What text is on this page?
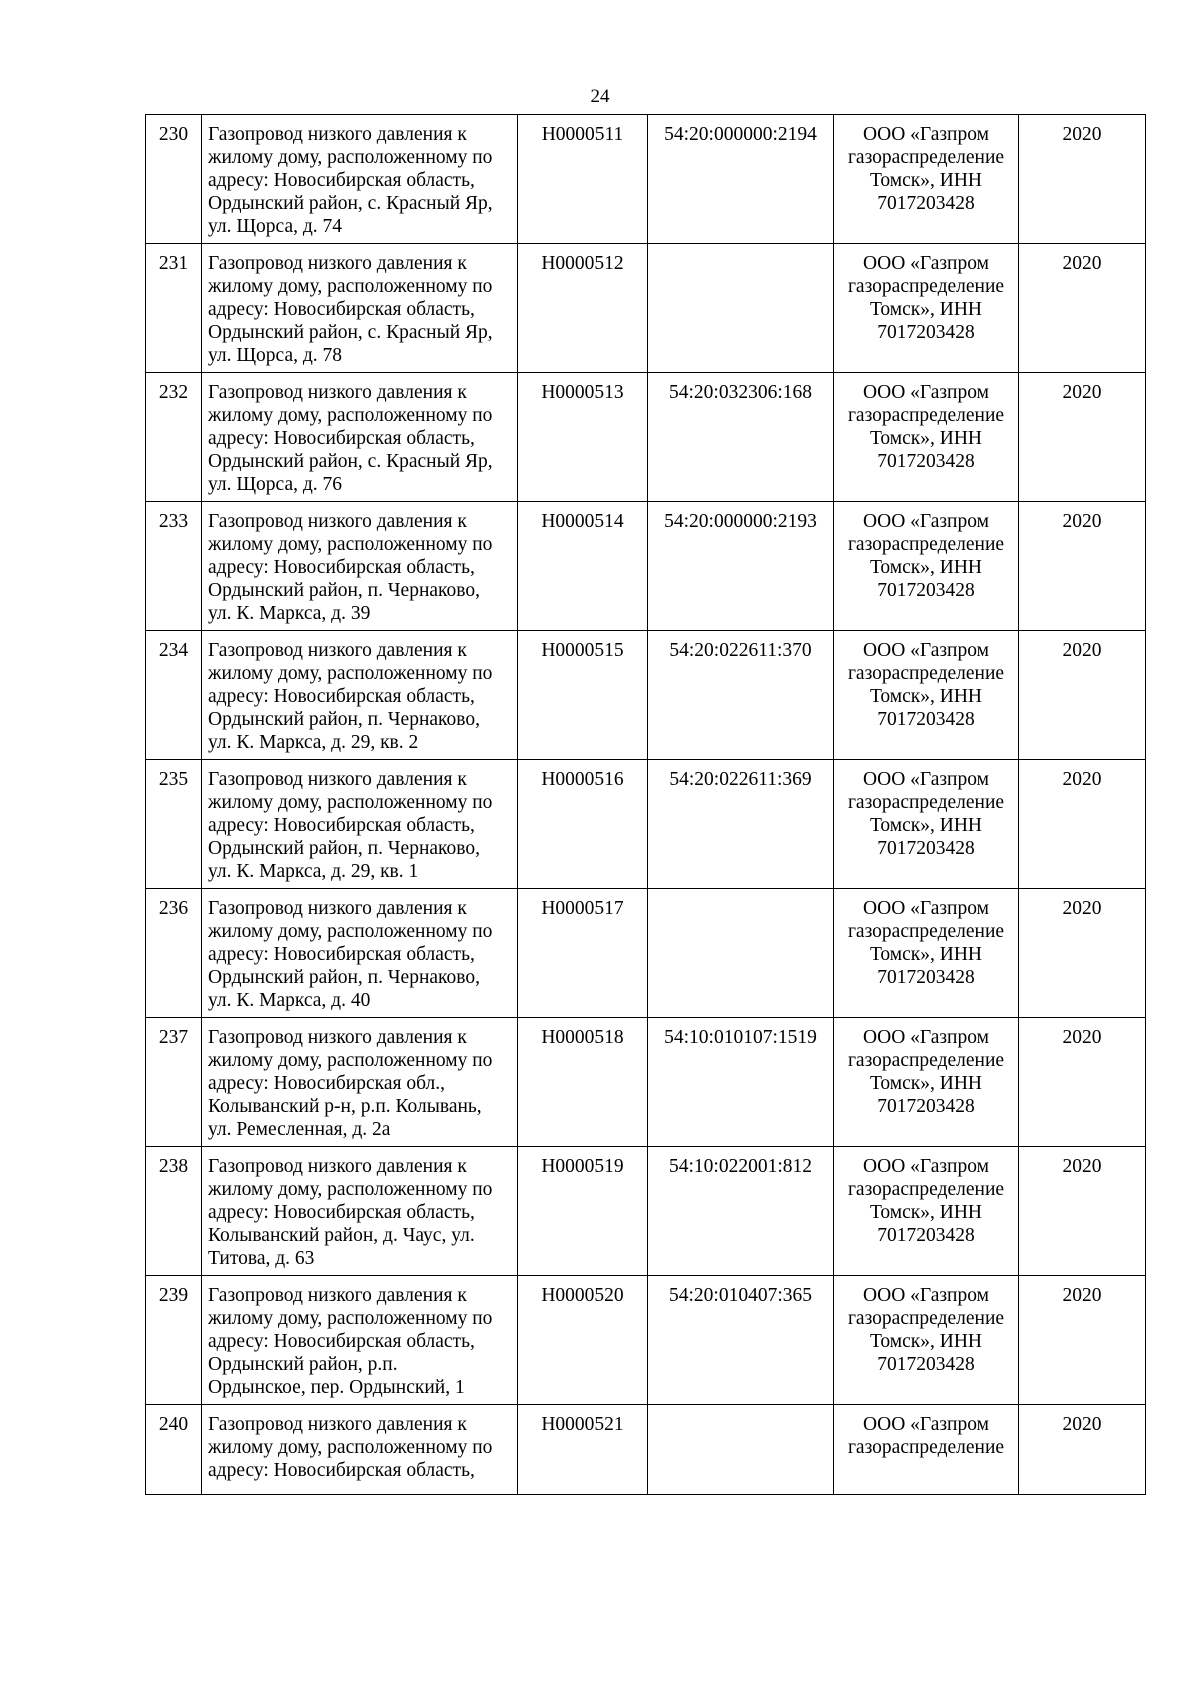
24
230	Газопровод низкого давления к
жилому дому, расположенному по
адресу: Новосибирская область,
Ордынский район, с. Красный Яр,
ул. Щорса, д. 74	Н0000511	54:20:000000:2194	ООО «Газпром
газораспределение
Томск», ИНН
7017203428	2020
231	Газопровод низкого давления к
жилому дому, расположенному по
адресу: Новосибирская область,
Ордынский район, с. Красный Яр,
ул. Щорса, д. 78	Н0000512		ООО «Газпром
газораспределение
Томск», ИНН
7017203428	2020
232	Газопровод низкого давления к
жилому дому, расположенному по
адресу: Новосибирская область,
Ордынский район, с. Красный Яр,
ул. Щорса, д. 76	Н0000513	54:20:032306:168	ООО «Газпром
газораспределение
Томск», ИНН
7017203428	2020
233	Газопровод низкого давления к
жилому дому, расположенному по
адресу: Новосибирская область,
Ордынский район, п. Чернаково,
ул. К. Маркса, д. 39	Н0000514	54:20:000000:2193	ООО «Газпром
газораспределение
Томск», ИНН
7017203428	2020
234	Газопровод низкого давления к
жилому дому, расположенному по
адресу: Новосибирская область,
Ордынский район, п. Чернаково,
ул. К. Маркса, д. 29, кв. 2	Н0000515	54:20:022611:370	ООО «Газпром
газораспределение
Томск», ИНН
7017203428	2020
235	Газопровод низкого давления к
жилому дому, расположенному по
адресу: Новосибирская область,
Ордынский район, п. Чернаково,
ул. К. Маркса, д. 29, кв. 1	Н0000516	54:20:022611:369	ООО «Газпром
газораспределение
Томск», ИНН
7017203428	2020
236	Газопровод низкого давления к
жилому дому, расположенному по
адресу: Новосибирская область,
Ордынский район, п. Чернаково,
ул. К. Маркса, д. 40	Н0000517		ООО «Газпром
газораспределение
Томск», ИНН
7017203428	2020
237	Газопровод низкого давления к
жилому дому, расположенному по
адресу: Новосибирская обл.,
Колыванский р-н, р.п. Колывань,
ул. Ремесленная, д. 2а	Н0000518	54:10:010107:1519	ООО «Газпром
газораспределение
Томск», ИНН
7017203428	2020
238	Газопровод низкого давления к
жилому дому, расположенному по
адресу: Новосибирская область,
Колыванский район, д. Чаус, ул.
Титова, д. 63	Н0000519	54:10:022001:812	ООО «Газпром
газораспределение
Томск», ИНН
7017203428	2020
239	Газопровод низкого давления к
жилому дому, расположенному по
адресу: Новосибирская область,
Ордынский район, р.п.
Ордынское, пер. Ордынский, 1	Н0000520	54:20:010407:365	ООО «Газпром
газораспределение
Томск», ИНН
7017203428	2020
240	Газопровод низкого давления к
жилому дому, расположенному по
адресу: Новосибирская область,	Н0000521		ООО «Газпром
газораспределение	2020
